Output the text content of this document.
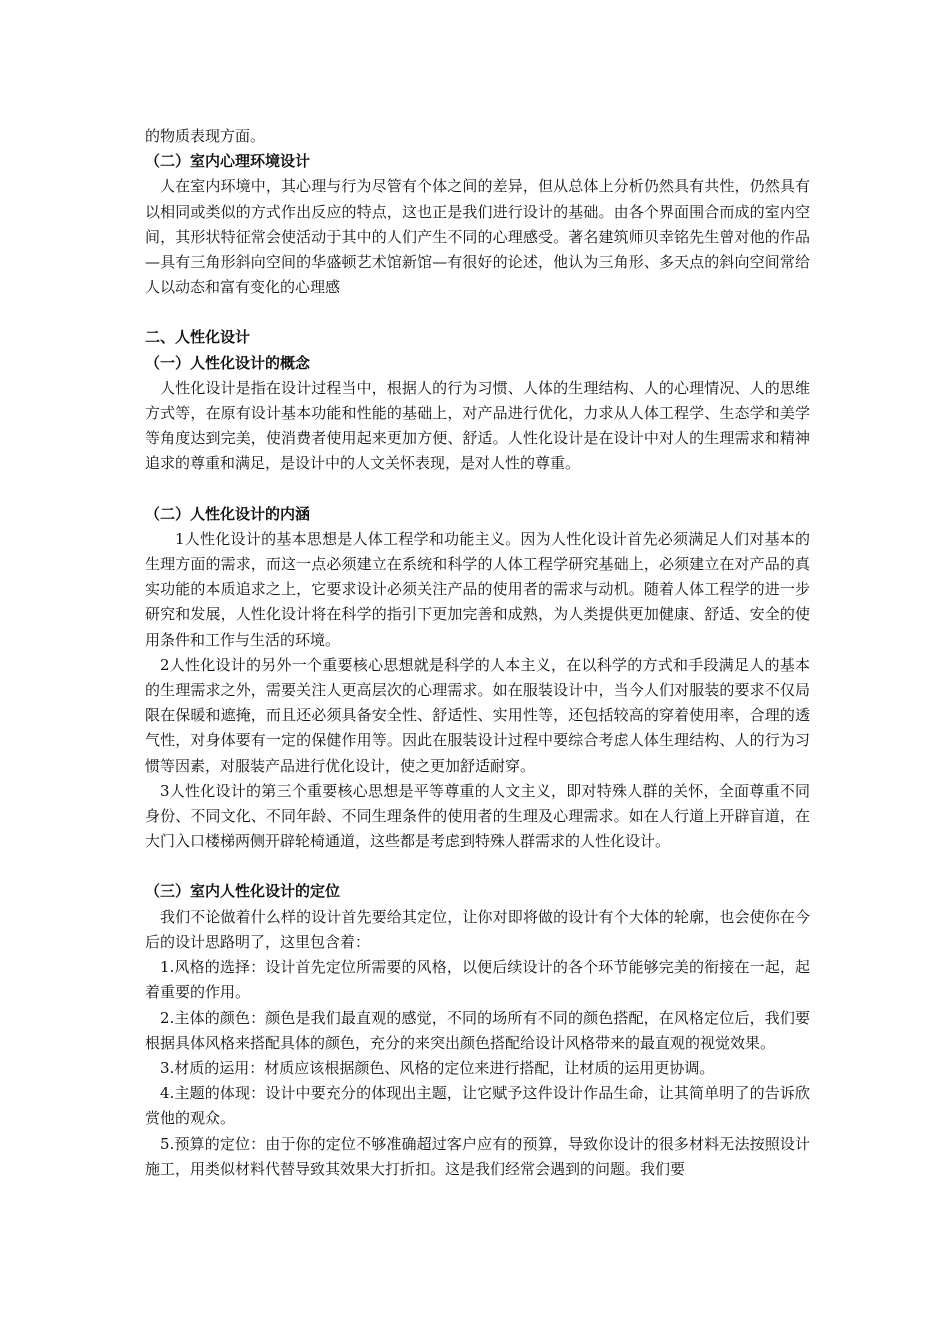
的物质表现方面。

（二）室内心理环境设计

人在室内环境中，其心理与行为尽管有个体之间的差异，但从总体上分析仍然具有共性，仍然具有以相同或类似的方式作出反应的特点，这也正是我们进行设计的基础。由各个界面围合而成的室内空间，其形状特征常会使活动于其中的人们产生不同的心理感受。著名建筑师贝幸铭先生曾对他的作品—具有三角形斜向空间的华盛顿艺术馆新馆—有很好的论述，他认为三角形、多天点的斜向空间常给人以动态和富有变化的心理感

二、人性化设计

（一）人性化设计的概念

人性化设计是指在设计过程当中，根据人的行为习惯、人体的生理结构、人的心理情况、人的思维方式等，在原有设计基本功能和性能的基础上，对产品进行优化，力求从人体工程学、生态学和美学等角度达到完美，使消费者使用起来更加方便、舒适。人性化设计是在设计中对人的生理需求和精神追求的尊重和满足，是设计中的人文关怀表现，是对人性的尊重。

（二）人性化设计的内涵

1人性化设计的基本思想是人体工程学和功能主义。因为人性化设计首先必须满足人们对基本的生理方面的需求，而这一点必须建立在系统和科学的人体工程学研究基础上，必须建立在对产品的真实功能的本质追求之上，它要求设计必须关注产品的使用者的需求与动机。随着人体工程学的进一步研究和发展，人性化设计将在科学的指引下更加完善和成熟，为人类提供更加健康、舒适、安全的使用条件和工作与生活的环境。

2人性化设计的另外一个重要核心思想就是科学的人本主义，在以科学的方式和手段满足人的基本的生理需求之外，需要关注人更高层次的心理需求。如在服装设计中，当今人们对服装的要求不仅局限在保暖和遮掩，而且还必须具备安全性、舒适性、实用性等，还包括较高的穿着使用率，合理的透气性，对身体要有一定的保健作用等。因此在服装设计过程中要综合考虑人体生理结构、人的行为习惯等因素，对服装产品进行优化设计，使之更加舒适耐穿。

3人性化设计的第三个重要核心思想是平等尊重的人文主义，即对特殊人群的关怀，全面尊重不同身份、不同文化、不同年龄、不同生理条件的使用者的生理及心理需求。如在人行道上开辟盲道，在大门入口楼梯两侧开辟轮椅通道，这些都是考虑到特殊人群需求的人性化设计。

（三）室内人性化设计的定位

我们不论做着什么样的设计首先要给其定位，让你对即将做的设计有个大体的轮廓，也会使你在今后的设计思路明了，这里包含着：

1.风格的选择：设计首先定位所需要的风格，以便后续设计的各个环节能够完美的衔接在一起，起着重要的作用。

2.主体的颜色：颜色是我们最直观的感觉，不同的场所有不同的颜色搭配，在风格定位后，我们要根据具体风格来搭配具体的颜色，充分的来突出颜色搭配给设计风格带来的最直观的视觉效果。

3.材质的运用：材质应该根据颜色、风格的定位来进行搭配，让材质的运用更协调。

4.主题的体现：设计中要充分的体现出主题，让它赋予这件设计作品生命，让其简单明了的告诉欣赏他的观众。

5.预算的定位：由于你的定位不够准确超过客户应有的预算，导致你设计的很多材料无法按照设计施工，用类似材料代替导致其效果大打折扣。这是我们经常会遇到的问题。我们要
